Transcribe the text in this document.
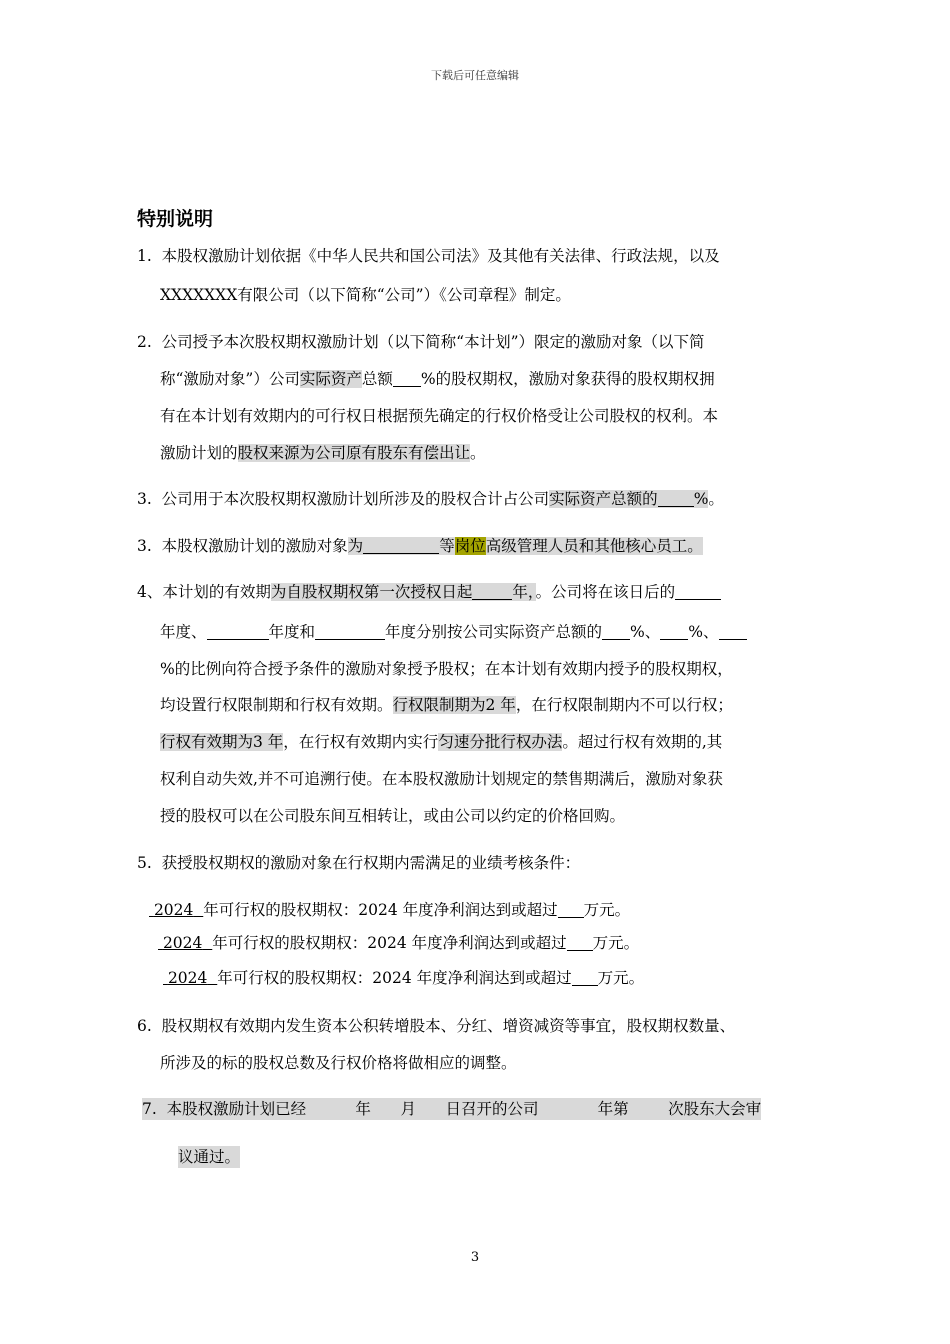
下载后可任意编辑
特别说明
1. 本股权激励计划依据《中华人民共和国公司法》及其他有关法律、行政法规，以及
XXXXXXX有限公司（以下简称“公司”）《公司章程》制定。
2. 公司授予本次股权期权激励计划（以下简称“本计划”）限定的激励对象（以下简
称“激励对象”）公司实际资产总额 %的股权期权，激励对象获得的股权期权拥
有在本计划有效期内的可行权日根据预先确定的行权价格受让公司股权的权利。本
激励计划的股权来源为公司原有股东有偿出让。
3. 公司用于本次股权期权激励计划所涉及的股权合计占公司实际资产总额的 %。
3. 本股权激励计划的激励对象为	等岗位高级管理人员和其他核心员工。
4、本计划的有效期为自股权期权第一次授权日起	年，。公司将在该日后的
年度、	年度和	年度分别按公司实际资产总额的 %、 %、
%的比例向符合授予条件的激励对象授予股权；在本计划有效期内授予的股权期权，
均设置行权限制期和行权有效期。行权限制期为2 年，在行权限制期内不可以行权；
行权有效期为3 年，在行权有效期内实行匀速分批行权办法。超过行权有效期的,其
权利自动失效,并不可追溯行使。在本股权激励计划规定的禁售期满后，激励对象获
授的股权可以在公司股东间互相转让，或由公司以约定的价格回购。
5. 获授股权期权的激励对象在行权期内需满足的业绩考核条件：
2024 年可行权的股权期权：2024 年度净利润达到或超过 万元。
2024 年可行权的股权期权：2024 年度净利润达到或超过 万元。
2024 年可行权的股权期权：2024 年度净利润达到或超过 万元。
6. 股权期权有效期内发生资本公积转增股本、分红、增资减资等事宜，股权期权数量、
所涉及的标的股权总数及行权价格将做相应的调整。
7.  本股权激励计划已经          年      月      日召开的公司            年第        次股东大会审
议通过。
3
